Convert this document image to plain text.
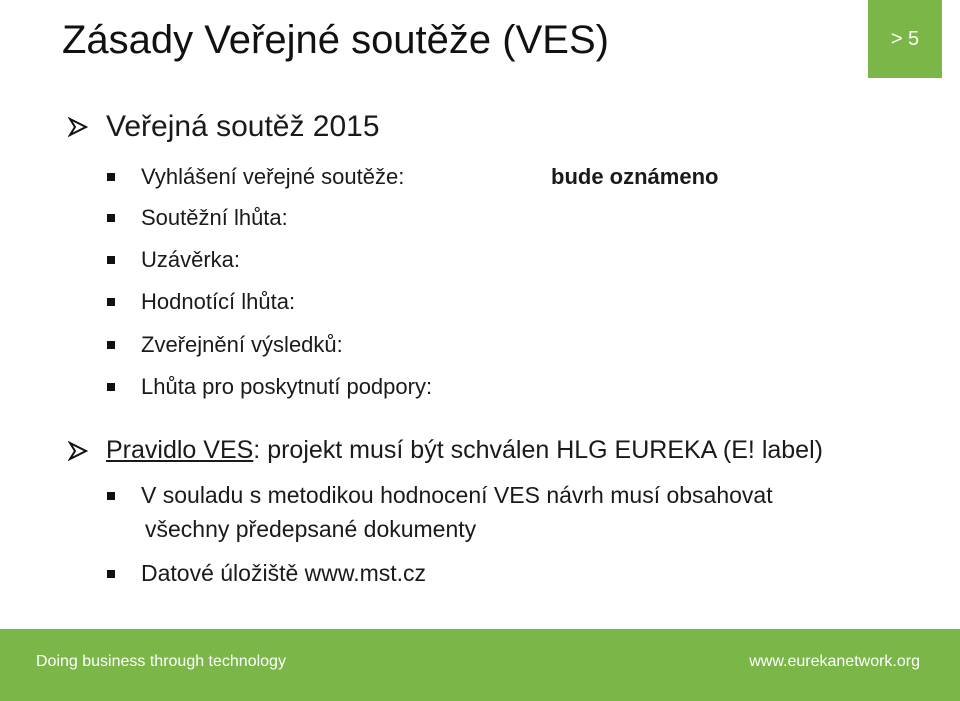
Zásady Veřejné soutěže (VES)	> 5
Veřejná soutěž 2015
Vyhlášení veřejné soutěže:
Soutěžní lhůta:
Uzávěrka:
Hodnotící lhůta:
Zveřejnění výsledků:
Lhůta pro poskytnutí podpory:
bude oznámeno
Pravidlo VES: projekt musí být schválen HLG EUREKA (E! label)
V souladu s metodikou hodnocení VES návrh musí obsahovat
všechny předepsané dokumenty
Datové úložiště www.mst.cz
Doing business through technology	www.eurekanetwork.org
